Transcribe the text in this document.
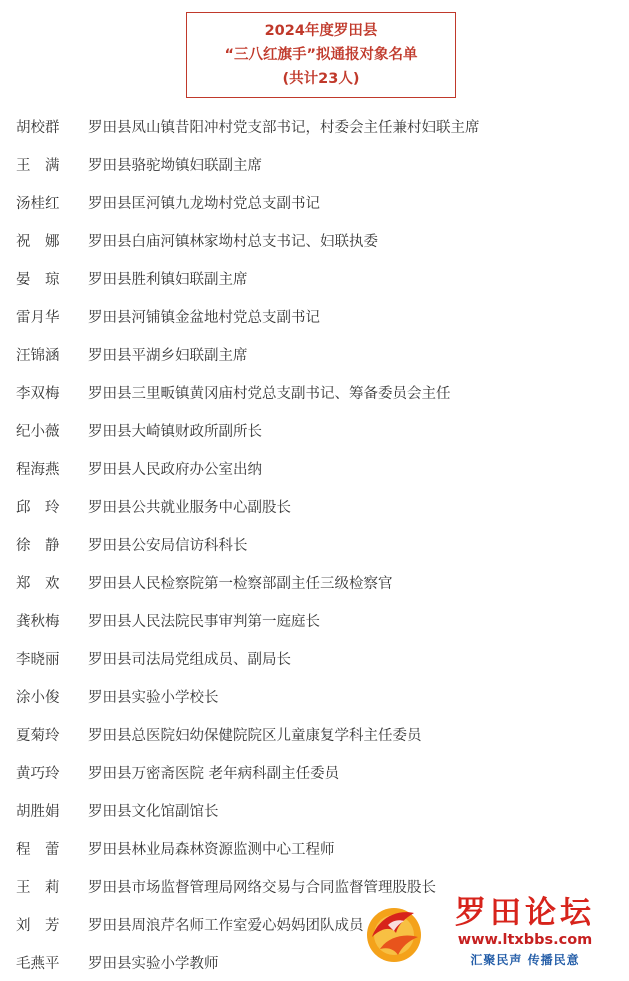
2024年度罗田县
“三八红旗手”拟通报对象名单
(共计23人)
胡校群	罗田县凤山镇昔阳冲村党支部书记，村委会主任兼村妇联主席
王　满	罗田县骆驼坳镇妇联副主席
汤桂红	罗田县匡河镇九龙坳村党总支副书记
祝　娜	罗田县白庙河镇林家坳村总支书记、妇联执委
晏　琼	罗田县胜利镇妇联副主席
雷月华	罗田县河铺镇金盆地村党总支副书记
汪锦涵	罗田县平湖乡妇联副主席
李双梅	罗田县三里畈镇黄冈庙村党总支副书记、筹备委员会主任
纪小薇	罗田县大崎镇财政所副所长
程海燕	罗田县人民政府办公室出纳
邱　玲	罗田县公共就业服务中心副股长
徐　静	罗田县公安局信访科科长
郑　欢	罗田县人民检察院第一检察部副主任三级检察官
龚秋梅	罗田县人民法院民事审判第一庭庭长
李晓丽	罗田县司法局党组成员、副局长
涂小俊	罗田县实验小学校长
夏菊玲	罗田县总医院妇幼保健院院区儿童康复学科主任委员
黄巧玲	罗田县万密斋医院 老年病科副主任委员
胡胜娟	罗田县文化馆副馆长
程　蕾	罗田县林业局森林资源监测中心工程师
王　莉	罗田县市场监督管理局网络交易与合同监督管理股股长
刘　芳	罗田县周浪芹名师工作室爱心妈妈团队成员
毛燕平	罗田县实验小学教师
罗田论坛
www.ltxbbs.com
汇聚民声 传播民意
